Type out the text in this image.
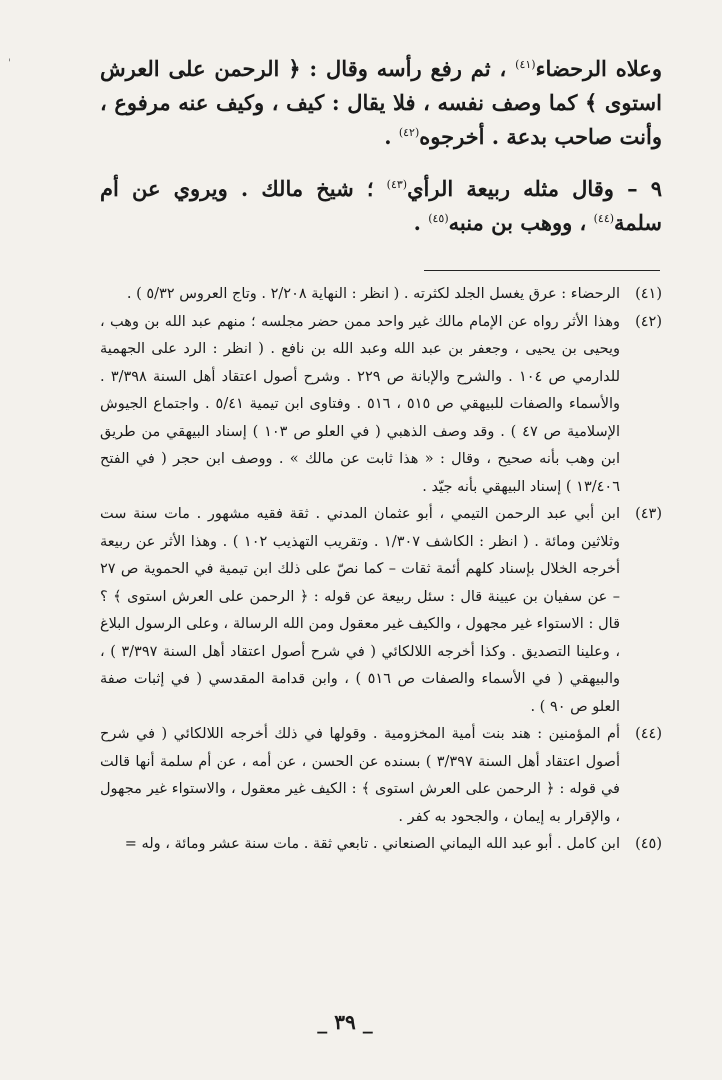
'	وعلاه الرحضاء$^{(٤١)}$ ، ثم رفع رأسه وقال : ﴿ الرحمن على العرش استوى ﴾ كما وصف نفسه ، فلا يقال : كيف ، وكيف عنه مرفوع ، وأنت صاحب بدعة . أخرجوه$^{(٤٢)}$ .

٩ – وقال مثله ربيعة الرأي$^{(٤٣)}$ ؛ شيخ مالك . ويروي عن أم سلمة$^{(٤٤)}$ ، ووهب بن منبه$^{(٤٥)}$ .

(٤١)
الرحضاء : عرق يغسل الجلد لكثرته . ( انظر : النهاية ٢/٢٠٨ . وتاج العروس ٥/٣٢ ) .

(٤٢)
وهذا الأثر رواه عن الإمام مالك غير واحد ممن حضر مجلسه ؛ منهم عبد الله بن وهب ، ويحيى بن يحيى ، وجعفر بن عبد الله وعبد الله بن نافع . ( انظر : الرد على الجهمية للدارمي ص ١٠٤ . والشرح والإبانة ص ٢٢٩ . وشرح أصول اعتقاد أهل السنة ٣/٣٩٨ . والأسماء والصفات للبيهقي ص ٥١٥ ، ٥١٦ . وفتاوى ابن تيمية ٥/٤١ . واجتماع الجيوش الإسلامية ص ٤٧ ) . وقد وصف الذهبي ( في العلو ص ١٠٣ ) إسناد البيهقي من طريق ابن وهب بأنه صحيح ، وقال : « هذا ثابت عن مالك » . ووصف ابن حجر ( في الفتح ١٣/٤٠٦ ) إسناد البيهقي بأنه جيّد .

(٤٣)
ابن أبي عبد الرحمن التيمي ، أبو عثمان المدني . ثقة فقيه مشهور . مات سنة ست وثلاثين ومائة . ( انظر : الكاشف ١/٣٠٧ . وتقريب التهذيب ١٠٢ ) . وهذا الأثر عن ربيعة أخرجه الخلال بإسناد كلهم أئمة ثقات – كما نصّ على ذلك ابن تيمية في الحموية ص ٢٧ – عن سفيان بن عيينة قال : سئل ربيعة عن قوله : ﴿ الرحمن على العرش استوى ﴾ ؟ قال : الاستواء غير مجهول ، والكيف غير معقول ومن الله الرسالة ، وعلى الرسول البلاغ ، وعلينا التصديق . وكذا أخرجه اللالكائي ( في شرح أصول اعتقاد أهل السنة ٣/٣٩٧ ) ، والبيهقي ( في الأسماء والصفات ص ٥١٦ ) ، وابن قدامة المقدسي ( في إثبات صفة العلو ص ٩٠ ) .

(٤٤)
أم المؤمنين : هند بنت أمية المخزومية . وقولها في ذلك أخرجه اللالكائي ( في شرح أصول اعتقاد أهل السنة ٣/٣٩٧ ) بسنده عن الحسن ، عن أمه ، عن أم سلمة أنها قالت في قوله : ﴿ الرحمن على العرش استوى ﴾ : الكيف غير معقول ، والاستواء غير مجهول ، والإقرار به إيمان ، والجحود به كفر .

(٤٥)
ابن كامل . أبو عبد الله اليماني الصنعاني . تابعي ثقة . مات سنة عشر ومائة ، وله =

_ ٣٩ _
